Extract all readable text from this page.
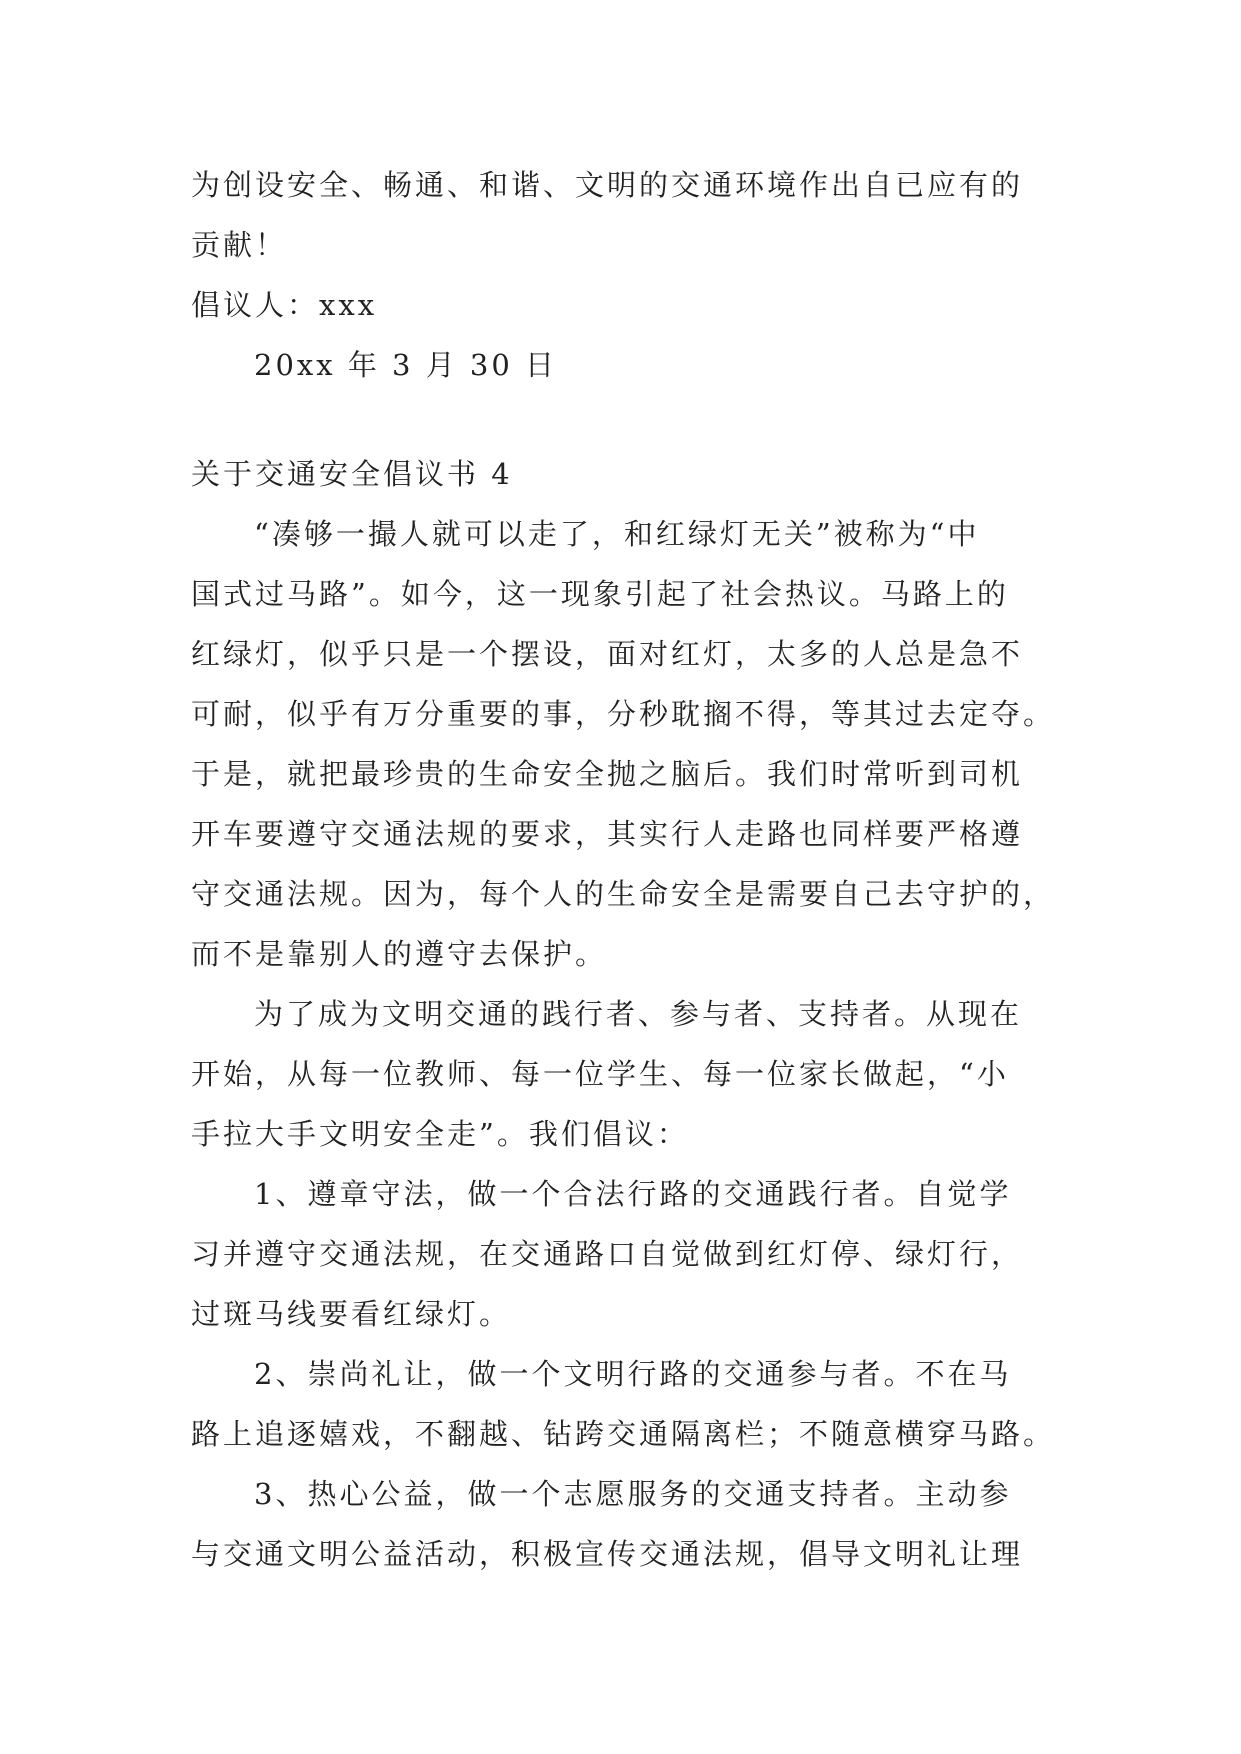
为创设安全、畅通、和谐、文明的交通环境作出自已应有的
贡献！
倡议人：xxx
20xx 年 3 月 30 日
关于交通安全倡议书 4
“凑够一撮人就可以走了，和红绿灯无关”被称为“中
国式过马路”。如今，这一现象引起了社会热议。马路上的
红绿灯，似乎只是一个摆设，面对红灯，太多的人总是急不
可耐，似乎有万分重要的事，分秒耽搁不得，等其过去定夺。
于是，就把最珍贵的生命安全抛之脑后。我们时常听到司机
开车要遵守交通法规的要求，其实行人走路也同样要严格遵
守交通法规。因为，每个人的生命安全是需要自己去守护的，
而不是靠别人的遵守去保护。
为了成为文明交通的践行者、参与者、支持者。从现在
开始，从每一位教师、每一位学生、每一位家长做起，“小
手拉大手文明安全走”。我们倡议：
1、遵章守法，做一个合法行路的交通践行者。自觉学
习并遵守交通法规，在交通路口自觉做到红灯停、绿灯行，
过斑马线要看红绿灯。
2、崇尚礼让，做一个文明行路的交通参与者。不在马
路上追逐嬉戏，不翻越、钻跨交通隔离栏；不随意横穿马路。
3、热心公益，做一个志愿服务的交通支持者。主动参
与交通文明公益活动，积极宣传交通法规，倡导文明礼让理
